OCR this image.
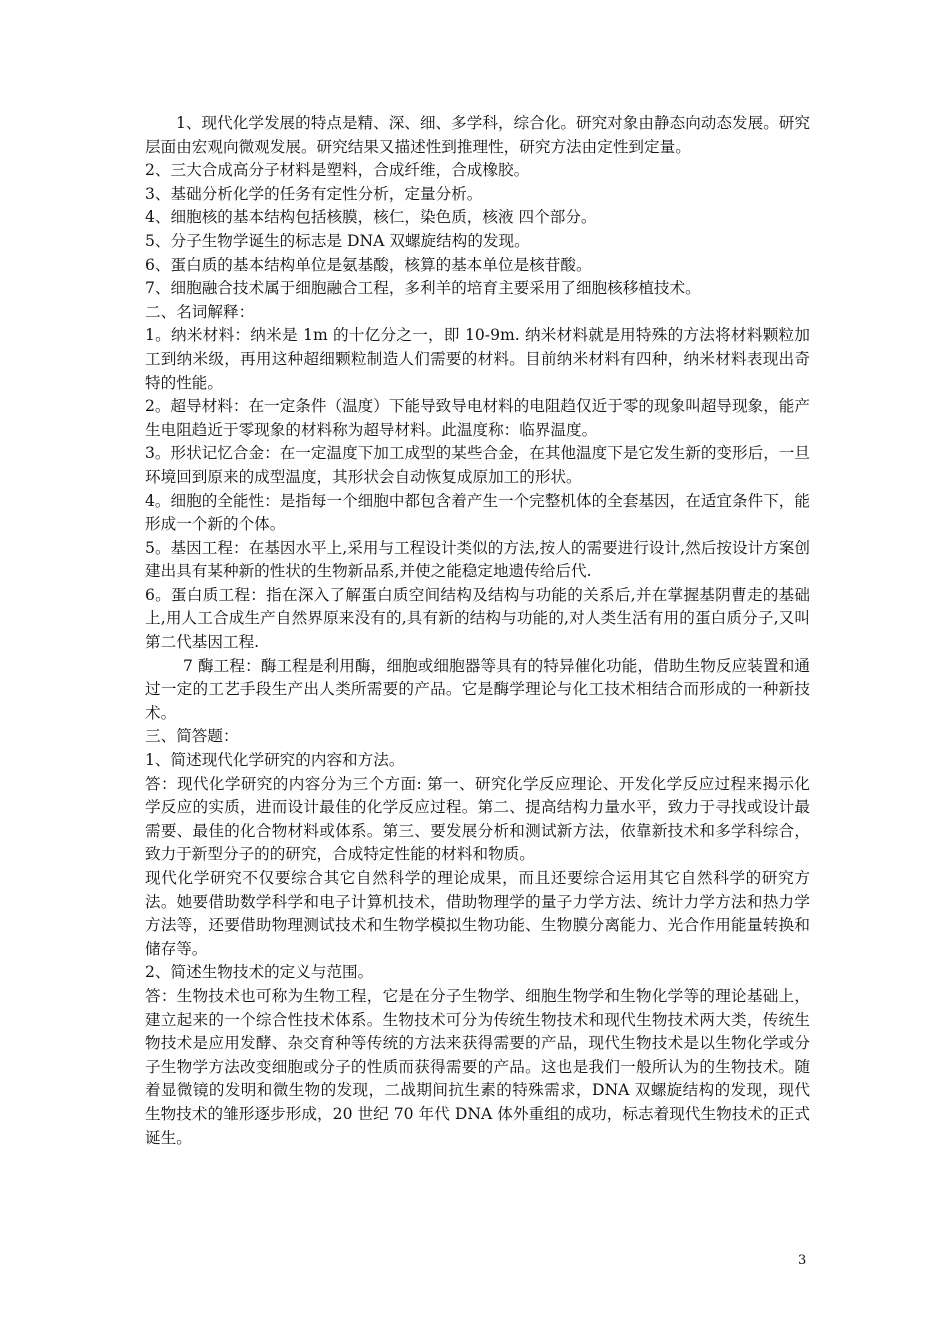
1、现代化学发展的特点是精、深、细、多学科，综合化。研究对象由静态向动态发展。研究层面由宏观向微观发展。研究结果又描述性到推理性，研究方法由定性到定量。

2、三大合成高分子材料是塑料，合成纤维，合成橡胶。

3、基础分析化学的任务有定性分析，定量分析。

4、细胞核的基本结构包括核膜，核仁，染色质，核液 四个部分。

5、分子生物学诞生的标志是 DNA 双螺旋结构的发现。

6、蛋白质的基本结构单位是氨基酸，核算的基本单位是核苷酸。

7、细胞融合技术属于细胞融合工程，多利羊的培育主要采用了细胞核移植技术。

二、名词解释：

1。纳米材料：纳米是 1m 的十亿分之一，即 10-9m. 纳米材料就是用特殊的方法将材料颗粒加工到纳米级，再用这种超细颗粒制造人们需要的材料。目前纳米材料有四种，纳米材料表现出奇特的性能。

2。超导材料：在一定条件（温度）下能导致导电材料的电阻趋仅近于零的现象叫超导现象，能产生电阻趋近于零现象的材料称为超导材料。此温度称：临界温度。

3。形状记忆合金：在一定温度下加工成型的某些合金，在其他温度下是它发生新的变形后，一旦环境回到原来的成型温度，其形状会自动恢复成原加工的形状。

4。细胞的全能性：是指每一个细胞中都包含着产生一个完整机体的全套基因，在适宜条件下，能形成一个新的个体。

5。基因工程：在基因水平上,采用与工程设计类似的方法,按人的需要进行设计,然后按设计方案创建出具有某种新的性状的生物新品系,并使之能稳定地遗传给后代.

6。蛋白质工程：指在深入了解蛋白质空间结构及结构与功能的关系后,并在掌握基阴曹走的基础上,用人工合成生产自然界原来没有的,具有新的结构与功能的,对人类生活有用的蛋白质分子,又叫第二代基因工程.

7 酶工程：酶工程是利用酶，细胞或细胞器等具有的特异催化功能，借助生物反应装置和通过一定的工艺手段生产出人类所需要的产品。它是酶学理论与化工技术相结合而形成的一种新技术。

三、简答题：

1、简述现代化学研究的内容和方法。

答：现代化学研究的内容分为三个方面: 第一、研究化学反应理论、开发化学反应过程来揭示化学反应的实质，进而设计最佳的化学反应过程。第二、提高结构力量水平，致力于寻找或设计最需要、最佳的化合物材料或体系。第三、要发展分析和测试新方法，依靠新技术和多学科综合，致力于新型分子的的研究，合成特定性能的材料和物质。

现代化学研究不仅要综合其它自然科学的理论成果，而且还要综合运用其它自然科学的研究方法。她要借助数学科学和电子计算机技术，借助物理学的量子力学方法、统计力学方法和热力学方法等，还要借助物理测试技术和生物学模拟生物功能、生物膜分离能力、光合作用能量转换和储存等。

2、简述生物技术的定义与范围。

答：生物技术也可称为生物工程，它是在分子生物学、细胞生物学和生物化学等的理论基础上，建立起来的一个综合性技术体系。生物技术可分为传统生物技术和现代生物技术两大类，传统生物技术是应用发酵、杂交育种等传统的方法来获得需要的产品，现代生物技术是以生物化学或分子生物学方法改变细胞或分子的性质而获得需要的产品。这也是我们一般所认为的生物技术。随着显微镜的发明和微生物的发现，二战期间抗生素的特殊需求，DNA 双螺旋结构的发现，现代生物技术的雏形逐步形成，20 世纪 70 年代 DNA 体外重组的成功，标志着现代生物技术的正式诞生。

3
